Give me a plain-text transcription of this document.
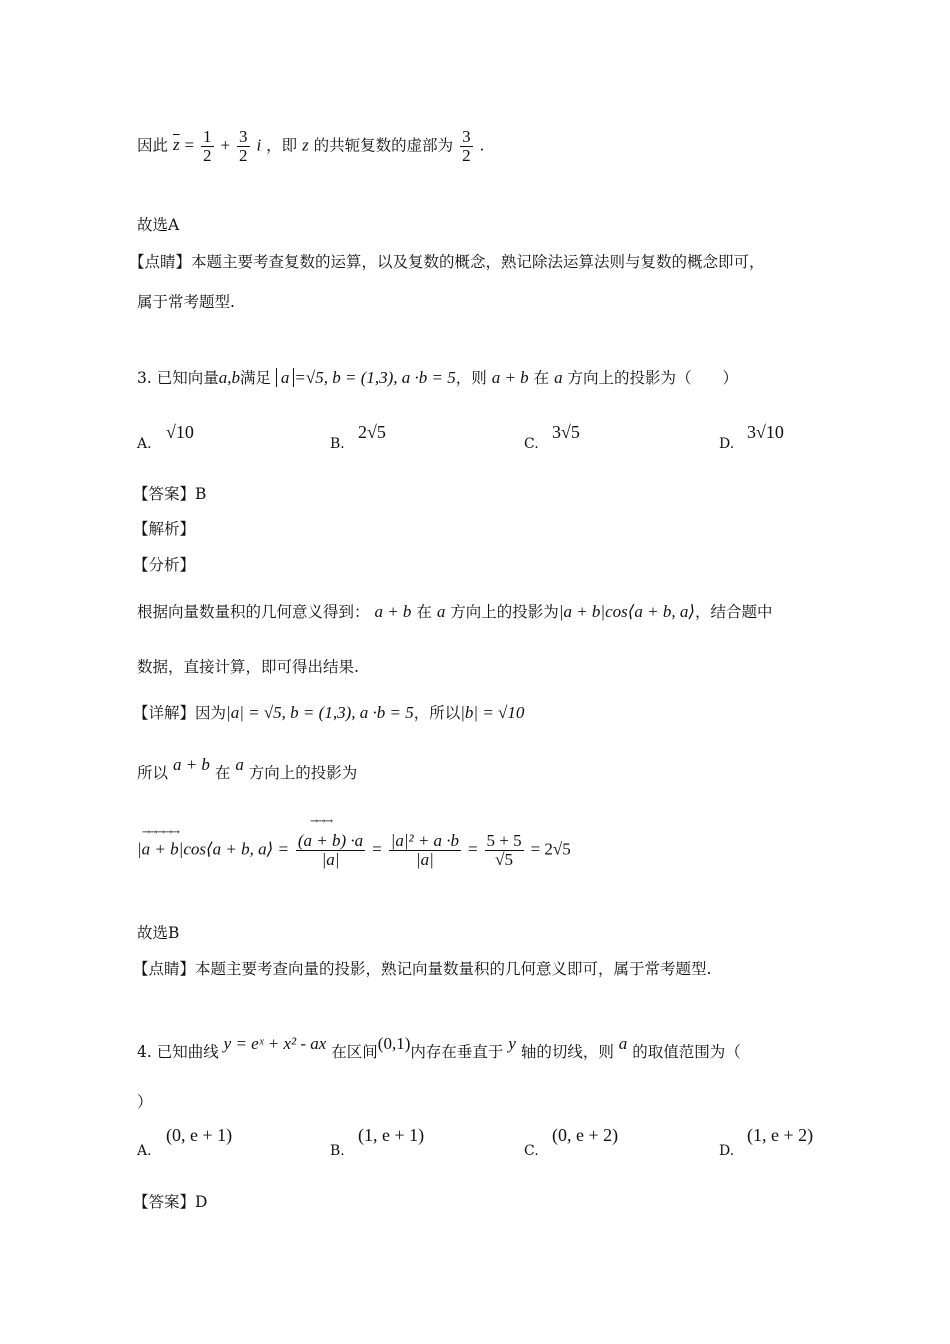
因此 $\overline{z} = \frac{1}{2} + \frac{3}{2}$ i ，即 z 的共轭复数的虚部为 $\frac{3}{2}$ .
故选A
【点睛】本题主要考查复数的运算，以及复数的概念，熟记除法运算法则与复数的概念即可，
属于常考题型.
3. 已知向量a,b满足 a =√5, b = (1,3), a ·b = 5，则 a + b 在 a 方向上的投影为（　　）
A.
√10
B.
2√5
C.
3√5
D.
3√10
【答案】B
【解析】
【分析】
根据向量数量积的几何意义得到： a + b 在 a 方向上的投影为|a + b|cos⟨a + b, a⟩，结合题中
数据，直接计算，即可得出结果.
【详解】因为|a| = √5, b = (1,3), a ·b = 5，所以|b| = √10
所以 a + b 在 a 方向上的投影为
→→→→→
→→→
|a + b|cos⟨a + b, a⟩ = $\frac{(a + b) \cdot a}{|a|} = \frac{\text{|a|² + a ·b}}{|a|} = \frac{5 + 5}{√5} = 2√5$
故选B
【点睛】本题主要考查向量的投影，熟记向量数量积的几何意义即可，属于常考题型.
4. 已知曲线 y = eˣ + x² - ax 在区间(0,1)内存在垂直于 y 轴的切线，则 a 的取值范围为（
）
A.
(0, e + 1)
B.
(1, e + 1)
C.
(0, e + 2)
D.
(1, e + 2)
【答案】D
